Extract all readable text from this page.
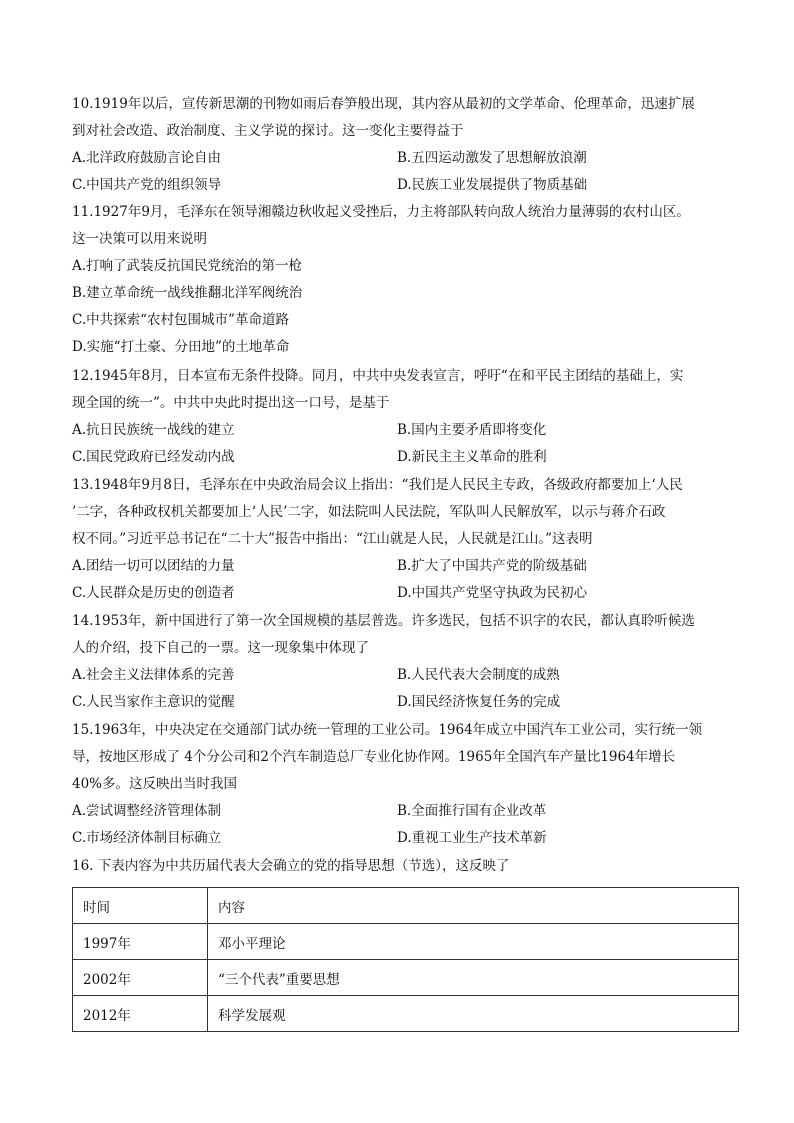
10.1919年以后，宣传新思潮的刊物如雨后春笋般出现，其内容从最初的文学革命、伦理革命，迅速扩展
到对社会改造、政治制度、主义学说的探讨。这一变化主要得益于
A.北洋政府鼓励言论自由	B.五四运动激发了思想解放浪潮
C.中国共产党的组织领导	D.民族工业发展提供了物质基础
11.1927年9月，毛泽东在领导湘赣边秋收起义受挫后，力主将部队转向敌人统治力量薄弱的农村山区。
这一决策可以用来说明
A.打响了武装反抗国民党统治的第一枪
B.建立革命统一战线推翻北洋军阀统治
C.中共探索“农村包围城市”革命道路
D.实施“打土豪、分田地”的土地革命
12.1945年8月，日本宣布无条件投降。同月，中共中央发表宣言，呼吁“在和平民主团结的基础上，实
现全国的统一”。中共中央此时提出这一口号，是基于
A.抗日民族统一战线的建立	B.国内主要矛盾即将变化
C.国民党政府已经发动内战	D.新民主主义革命的胜利
13.1948年9月8日，毛泽东在中央政治局会议上指出：“我们是人民民主专政，各级政府都要加上‘人民
’二字，各种政权机关都要加上‘人民’二字，如法院叫人民法院，军队叫人民解放军，以示与蒋介石政
权不同。”习近平总书记在“二十大”报告中指出：“江山就是人民，人民就是江山。”这表明
A.团结一切可以团结的力量	B.扩大了中国共产党的阶级基础
C.人民群众是历史的创造者	D.中国共产党坚守执政为民初心
14.1953年，新中国进行了第一次全国规模的基层普选。许多选民，包括不识字的农民，都认真聆听候选
人的介绍，投下自己的一票。这一现象集中体现了
A.社会主义法律体系的完善	B.人民代表大会制度的成熟
C.人民当家作主意识的觉醒	D.国民经济恢复任务的完成
15.1963年，中央决定在交通部门试办统一管理的工业公司。1964年成立中国汽车工业公司，实行统一领
导，按地区形成了 4个分公司和2个汽车制造总厂专业化协作网。1965年全国汽车产量比1964年增长
40%多。这反映出当时我国
A.尝试调整经济管理体制	B.全面推行国有企业改革
C.市场经济体制目标确立	D.重视工业生产技术革新
16. 下表内容为中共历届代表大会确立的党的指导思想（节选），这反映了
时间	内容
1997年	邓小平理论
2002年	“三个代表”重要思想
2012年	科学发展观
